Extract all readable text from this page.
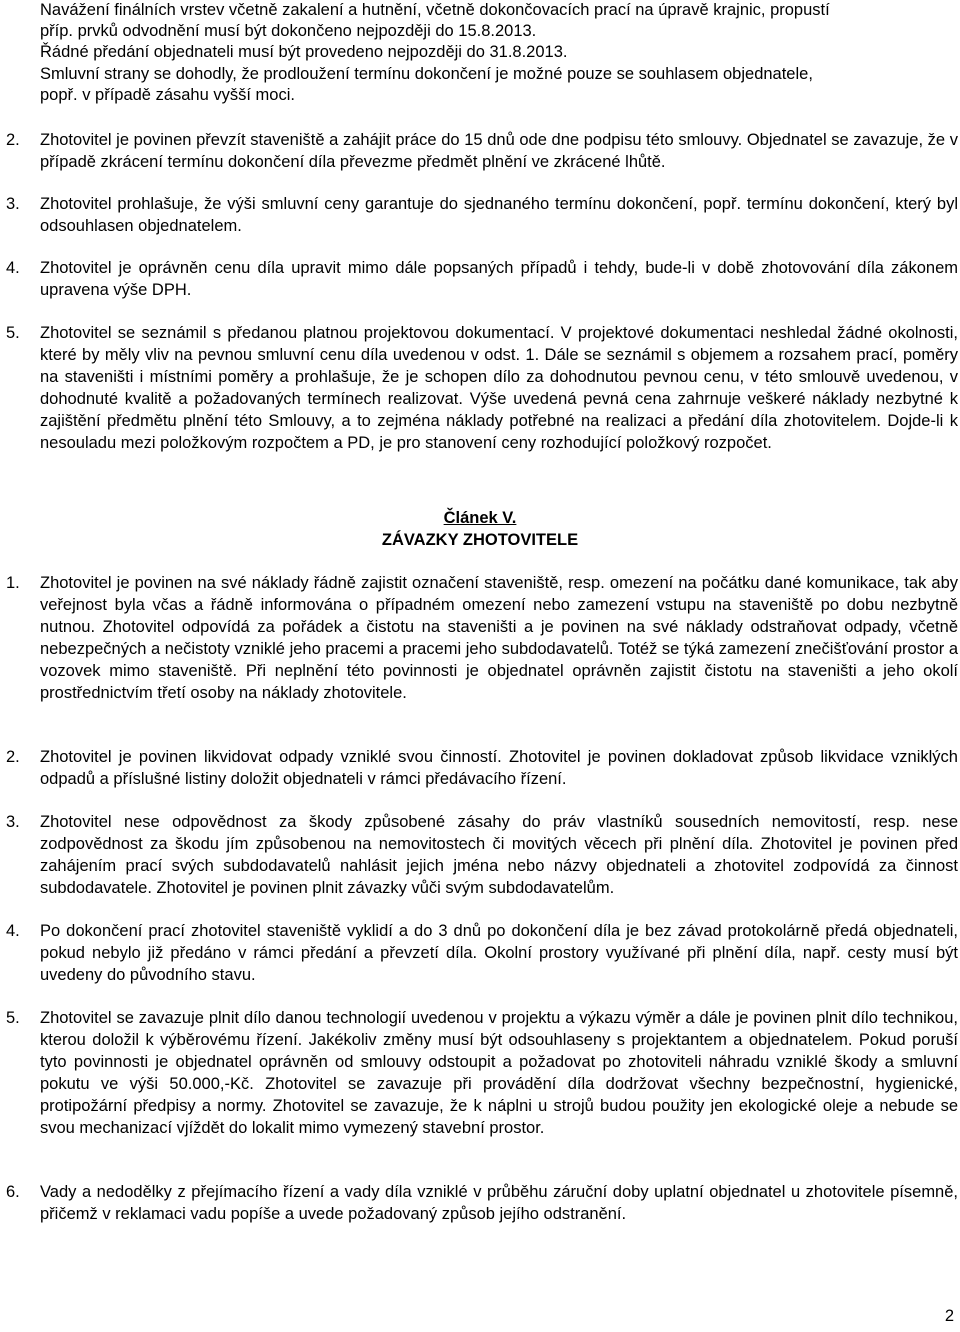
Navážení finálních vrstev včetně zakalení a hutnění, včetně dokončovacích prací na úpravě krajnic, propustí
příp. prvků odvodnění musí být dokončeno nejpozději do 15.8.2013.
Řádné předání objednateli musí být provedeno nejpozději do 31.8.2013.
Smluvní strany se dohodly, že prodloužení termínu dokončení je možné pouze se souhlasem objednatele,
popř. v případě zásahu vyšší moci.
2. Zhotovitel je povinen převzít staveniště a zahájit práce do 15 dnů ode dne podpisu této smlouvy. Objednatel se zavazuje, že v případě zkrácení termínu dokončení díla převezme předmět plnění ve zkrácené lhůtě.
3. Zhotovitel prohlašuje, že výši smluvní ceny garantuje do sjednaného termínu dokončení, popř. termínu dokončení, který byl odsouhlasen objednatelem.
4. Zhotovitel je oprávněn cenu díla upravit mimo dále popsaných případů i tehdy, bude-li v době zhotovování díla zákonem upravena výše DPH.
5. Zhotovitel se seznámil s předanou platnou projektovou dokumentací. V projektové dokumentaci neshledal žádné okolnosti, které by měly vliv na pevnou smluvní cenu díla uvedenou v odst. 1. Dále se seznámil s objemem a rozsahem prací, poměry na staveništi i místními poměry a prohlašuje, že je schopen dílo za dohodnutou pevnou cenu, v této smlouvě uvedenou, v dohodnuté kvalitě a požadovaných termínech realizovat. Výše uvedená pevná cena zahrnuje veškeré náklady nezbytné k zajištění předmětu plnění této Smlouvy, a to zejména náklady potřebné na realizaci a předání díla zhotovitelem. Dojde-li k nesouladu mezi položkovým rozpočtem a PD, je pro stanovení ceny rozhodující položkový rozpočet.
Článek V.
ZÁVAZKY ZHOTOVITELE
1. Zhotovitel je povinen na své náklady řádně zajistit označení staveniště, resp. omezení na počátku dané komunikace, tak aby veřejnost byla včas a řádně informována o případném omezení nebo zamezení vstupu na staveniště po dobu nezbytně nutnou. Zhotovitel odpovídá za pořádek a čistotu na staveništi a je povinen na své náklady odstraňovat odpady, včetně nebezpečných a nečistoty vzniklé jeho pracemi a pracemi jeho subdodavatelů. Totéž se týká zamezení znečišťování prostor a vozovek mimo staveniště. Při neplnění této povinnosti je objednatel oprávněn zajistit čistotu na staveništi a jeho okolí prostřednictvím třetí osoby na náklady zhotovitele.
2. Zhotovitel je povinen likvidovat odpady vzniklé svou činností. Zhotovitel je povinen dokladovat způsob likvidace vzniklých odpadů a příslušné listiny doložit objednateli v rámci předávacího řízení.
3. Zhotovitel nese odpovědnost za škody způsobené zásahy do práv vlastníků sousedních nemovitostí, resp. nese zodpovědnost za škodu jím způsobenou na nemovitostech či movitých věcech při plnění díla. Zhotovitel je povinen před zahájením prací svých subdodavatelů nahlásit jejich jména nebo názvy objednateli a zhotovitel zodpovídá za činnost subdodavatele. Zhotovitel je povinen plnit závazky vůči svým subdodavatelům.
4. Po dokončení prací zhotovitel staveniště vyklidí a do 3 dnů po dokončení díla je bez závad protokolárně předá objednateli, pokud nebylo již předáno v rámci předání a převzetí díla. Okolní prostory využívané při plnění díla, např. cesty musí být uvedeny do původního stavu.
5. Zhotovitel se zavazuje plnit dílo danou technologií uvedenou v projektu a výkazu výměr a dále je povinen plnit dílo technikou, kterou doložil k výběrovému řízení. Jakékoliv změny musí být odsouhlaseny s projektantem a objednatelem. Pokud poruší tyto povinnosti je objednatel oprávněn od smlouvy odstoupit a požadovat po zhotoviteli náhradu vzniklé škody a smluvní pokutu ve výši 50.000,-Kč. Zhotovitel se zavazuje při provádění díla dodržovat všechny bezpečnostní, hygienické, protipožární předpisy a normy. Zhotovitel se zavazuje, že k náplni u strojů budou použity jen ekologické oleje a nebude se svou mechanizací vjíždět do lokalit mimo vymezený stavební prostor.
6. Vady a nedodělky z přejímacího řízení a vady díla vzniklé v průběhu záruční doby uplatní objednatel u zhotovitele písemně, přičemž v reklamaci vadu popíše a uvede požadovaný způsob jejího odstranění.
2
